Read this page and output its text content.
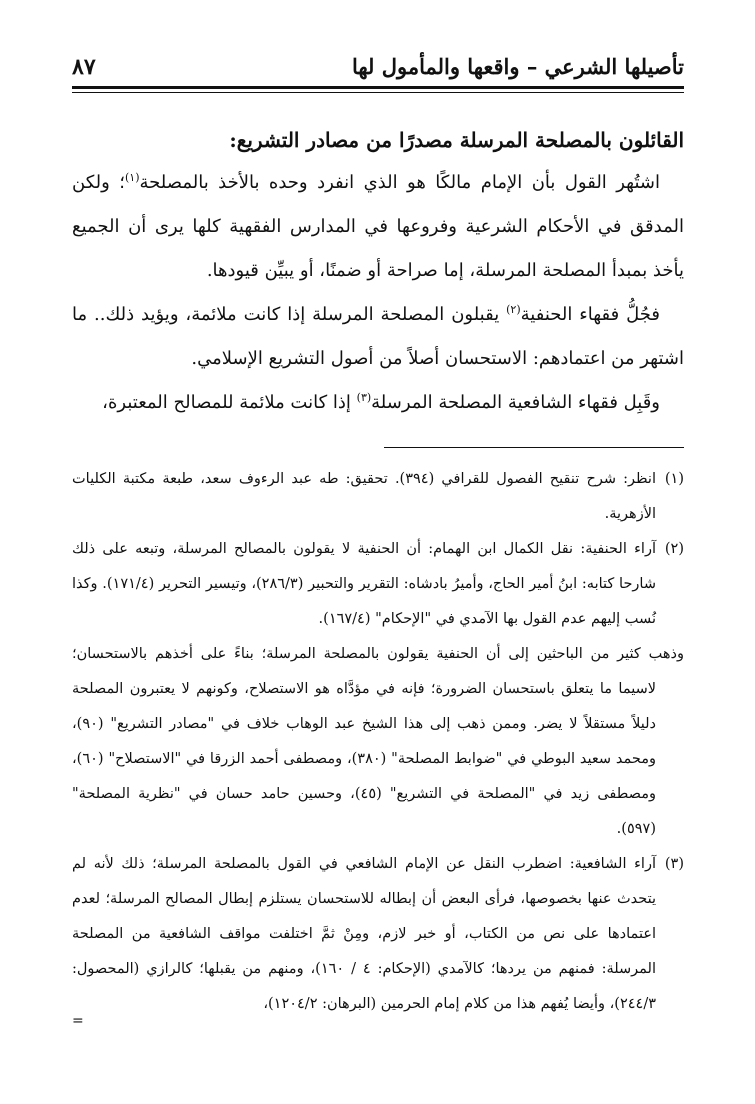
تأصيلها الشرعي – واقعها والمأمول لها
٨٧
القائلون بالمصلحة المرسلة مصدرًا من مصادر التشريع:

اشتُهر القول بأن الإمام مالكًا هو الذي انفرد وحده بالأخذ بالمصلحة$^{(١)}$؛ ولكن المدقق في الأحكام الشرعية وفروعها في المدارس الفقهية كلها يرى أن الجميع يأخذ بمبدأ المصلحة المرسلة، إما صراحة أو ضمنًا، أو يبيِّن قيودها.

فجُلُّ فقهاء الحنفية$^{(٢)}$ يقبلون المصلحة المرسلة إذا كانت ملائمة، ويؤيد ذلك.. ما اشتهر من اعتمادهم: الاستحسان أصلاً من أصول التشريع الإسلامي.

وقَبِل فقهاء الشافعية المصلحة المرسلة$^{(٣)}$ إذا كانت ملائمة للمصالح المعتبرة،

(١)انظر: شرح تنقيح الفصول للقرافي (٣٩٤). تحقيق: طه عبد الرءوف سعد، طبعة مكتبة الكليات الأزهرية.

(٢)آراء الحنفية: نقل الكمال ابن الهمام: أن الحنفية لا يقولون بالمصالح المرسلة، وتبعه على ذلك شارحا كتابه: ابنُ أمير الحاج، وأميرُ بادشاه: التقرير والتحبير (٢٨٦/٣)، وتيسير التحرير (١٧١/٤). وكذا نُسب إليهم عدم القول بها الآمدي في "الإحكام" (١٦٧/٤).

وذهب كثير من الباحثين إلى أن الحنفية يقولون بالمصلحة المرسلة؛ بناءً على أخذهم بالاستحسان؛ لاسيما ما يتعلق باستحسان الضرورة؛ فإنه في مؤدَّاه هو الاستصلاح، وكونهم لا يعتبرون المصلحة دليلاً مستقلاً لا يضر. وممن ذهب إلى هذا الشيخ عبد الوهاب خلاف في "مصادر التشريع" (٩٠)، ومحمد سعيد البوطي في "ضوابط المصلحة" (٣٨٠)، ومصطفى أحمد الزرقا في "الاستصلاح" (٦٠)، ومصطفى زيد في "المصلحة في التشريع" (٤٥)، وحسين حامد حسان في "نظرية المصلحة" (٥٩٧).

(٣)آراء الشافعية: اضطرب النقل عن الإمام الشافعي في القول بالمصلحة المرسلة؛ ذلك لأنه لم يتحدث عنها بخصوصها، فرأى البعض أن إبطاله للاستحسان يستلزم إبطال المصالح المرسلة؛ لعدم اعتمادها على نص من الكتاب، أو خبر لازم، ومِنْ ثمَّ اختلفت مواقف الشافعية من المصلحة المرسلة: فمنهم من يردها؛ كالآمدي (الإحكام: ٤ / ١٦٠)، ومنهم من يقبلها؛ كالرازي (المحصول: ٢٤٤/٣)، وأيضا يُفهم هذا من كلام إمام الحرمين (البرهان: ١٢٠٤/٢)،

=
